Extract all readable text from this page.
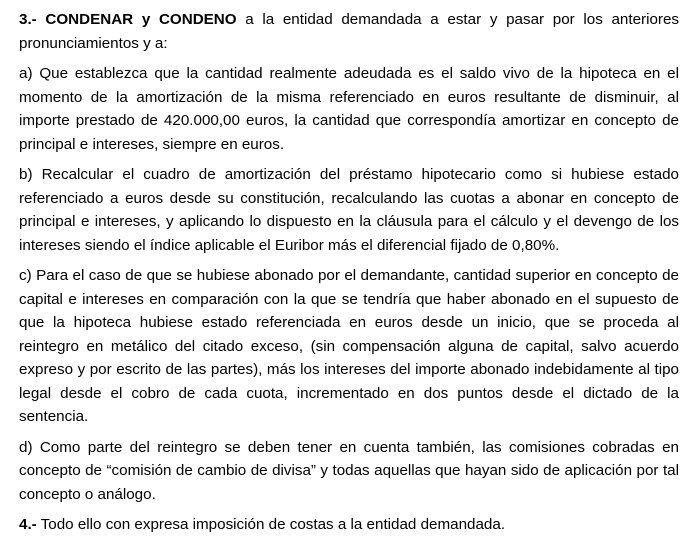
3.- CONDENAR y CONDENO a la entidad demandada a estar y pasar por los anteriores pronunciamientos y a:

a) Que establezca que la cantidad realmente adeudada es el saldo vivo de la hipoteca en el momento de la amortización de la misma referenciado en euros resultante de disminuir, al importe prestado de 420.000,00 euros, la cantidad que correspondía amortizar en concepto de principal e intereses, siempre en euros.

b) Recalcular el cuadro de amortización del préstamo hipotecario como si hubiese estado referenciado a euros desde su constitución, recalculando las cuotas a abonar en concepto de principal e intereses, y aplicando lo dispuesto en la cláusula para el cálculo y el devengo de los intereses siendo el índice aplicable el Euribor más el diferencial fijado de 0,80%.

c) Para el caso de que se hubiese abonado por el demandante, cantidad superior en concepto de capital e intereses en comparación con la que se tendría que haber abonado en el supuesto de que la hipoteca hubiese estado referenciada en euros desde un inicio, que se proceda al reintegro en metálico del citado exceso, (sin compensación alguna de capital, salvo acuerdo expreso y por escrito de las partes), más los intereses del importe abonado indebidamente al tipo legal desde el cobro de cada cuota, incrementado en dos puntos desde el dictado de la sentencia.

d) Como parte del reintegro se deben tener en cuenta también, las comisiones cobradas en concepto de “comisión de cambio de divisa” y todas aquellas que hayan sido de aplicación por tal concepto o análogo.

4.- Todo ello con expresa imposición de costas a la entidad demandada.
